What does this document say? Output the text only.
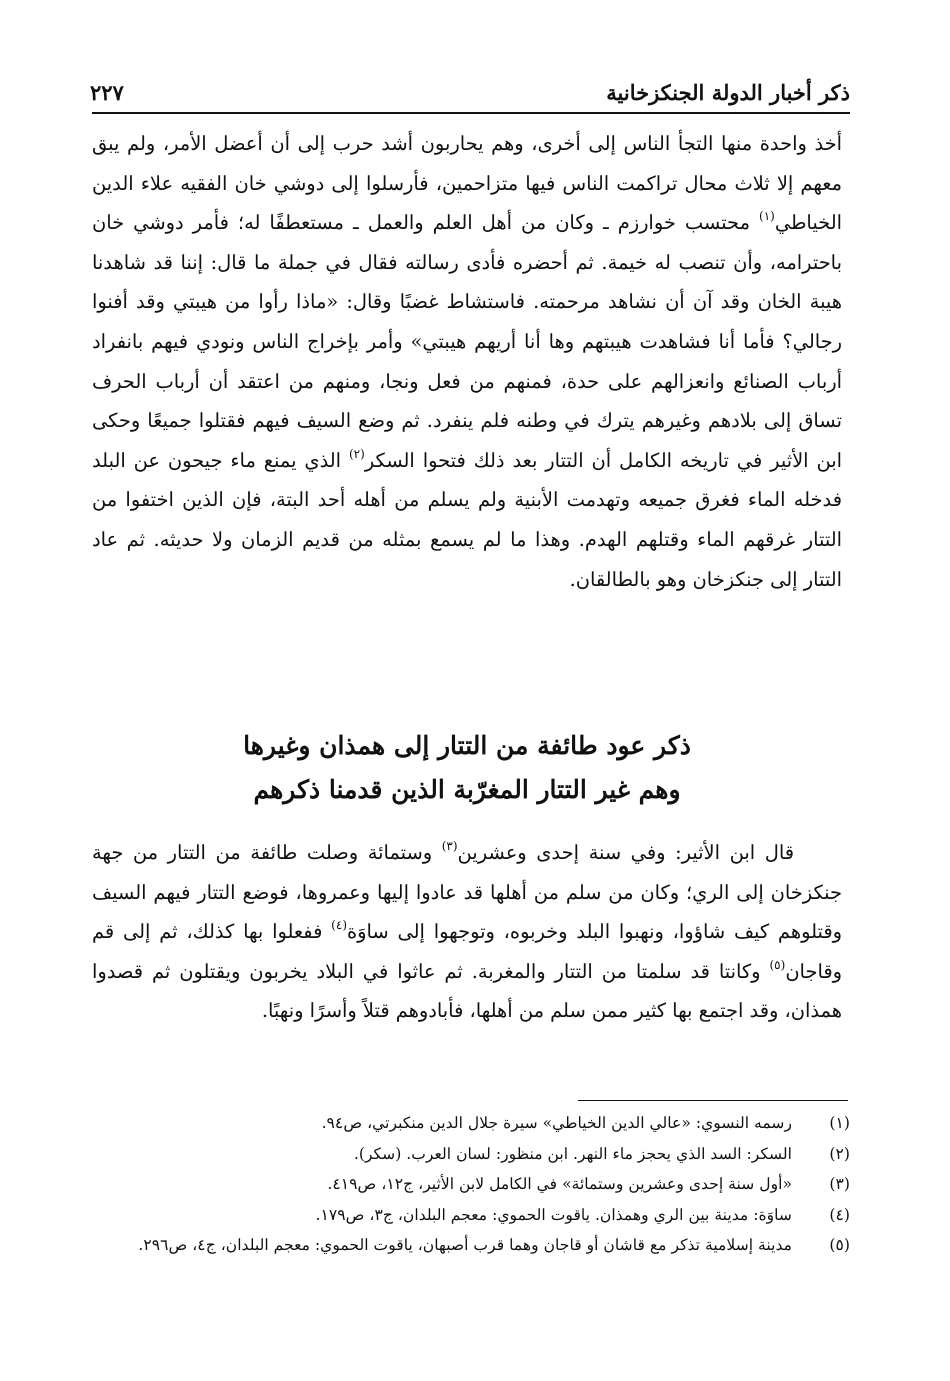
ذكر أخبار الدولة الجنكزخانية
٢٢٧
أخذ واحدة منها التجأ الناس إلى أخرى، وهم يحاربون أشد حرب إلى أن أعضل الأمر، ولم يبق معهم إلا ثلاث محال تراكمت الناس فيها متزاحمين، فأرسلوا إلى دوشي خان الفقيه علاء الدين الخياطي$^{(١)}$ محتسب خوارزم ـ وكان من أهل العلم والعمل ـ مستعطفًا له؛ فأمر دوشي خان باحترامه، وأن تنصب له خيمة. ثم أحضره فأدى رسالته فقال في جملة ما قال: إننا قد شاهدنا هيبة الخان وقد آن أن نشاهد مرحمته. فاستشاط غضبًا وقال: «ماذا رأوا من هيبتي وقد أفنوا رجالي؟ فأما أنا فشاهدت هيبتهم وها أنا أريهم هيبتي» وأمر بإخراج الناس ونودي فيهم بانفراد أرباب الصنائع وانعزالهم على حدة، فمنهم من فعل ونجا، ومنهم من اعتقد أن أرباب الحرف تساق إلى بلادهم وغيرهم يترك في وطنه فلم ينفرد. ثم وضع السيف فيهم فقتلوا جميعًا وحكى ابن الأثير في تاريخه الكامل أن التتار بعد ذلك فتحوا السكر$^{(٢)}$ الذي يمنع ماء جيحون عن البلد فدخله الماء فغرق جميعه وتهدمت الأبنية ولم يسلم من أهله أحد البتة، فإن الذين اختفوا من التتار غرقهم الماء وقتلهم الهدم. وهذا ما لم يسمع بمثله من قديم الزمان ولا حديثه. ثم عاد التتار إلى جنكزخان وهو بالطالقان.
ذكر عود طائفة من التتار إلى همذان وغيرها
وهم غير التتار المغرّبة الذين قدمنا ذكرهم
قال ابن الأثير: وفي سنة إحدى وعشرين$^{(٣)}$ وستمائة وصلت طائفة من التتار من جهة جنكزخان إلى الري؛ وكان من سلم من أهلها قد عادوا إليها وعمروها، فوضع التتار فيهم السيف وقتلوهم كيف شاؤوا، ونهبوا البلد وخربوه، وتوجهوا إلى ساوَة$^{(٤)}$ ففعلوا بها كذلك، ثم إلى قم وقاجان$^{(٥)}$ وكانتا قد سلمتا من التتار والمغربة. ثم عاثوا في البلاد يخربون ويقتلون ثم قصدوا همذان، وقد اجتمع بها كثير ممن سلم من أهلها، فأبادوهم قتلاً وأسرًا ونهبًا.
(١)
رسمه النسوي: «عالي الدين الخياطي» سيرة جلال الدين منكبرتي، ص٩٤.
(٢)
السكر: السد الذي يحجز ماء النهر. ابن منظور: لسان العرب. (سكر).
(٣)
«أول سنة إحدى وعشرين وستمائة» في الكامل لابن الأثير، ج١٢، ص٤١٩.
(٤)
ساوَة: مدينة بين الري وهمذان. ياقوت الحموي: معجم البلدان، ج٣، ص١٧٩.
(٥)
مدينة إسلامية تذكر مع قاشان أو قاجان وهما قرب أصبهان، ياقوت الحموي: معجم البلدان، ج٤، ص٢٩٦.
